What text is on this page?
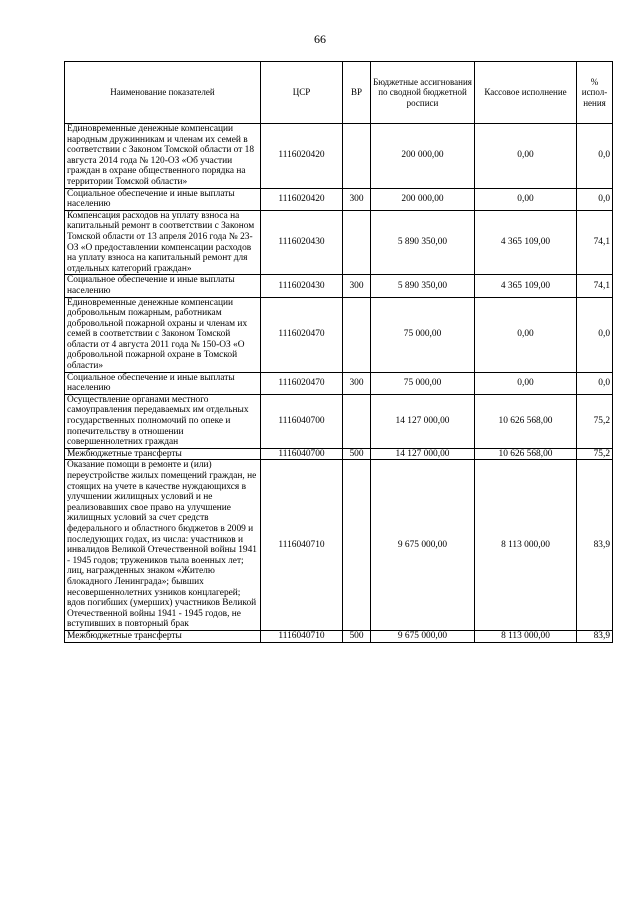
66
Наименование показателей	ЦСР	ВР	Бюджетные ассигнования по сводной бюджетной росписи	Кассовое исполнение	% испол-нения
Единовременные денежные компенсации народным дружинникам и членам их семей в соответствии с Законом Томской области от 18 августа 2014 года № 120-ОЗ «Об участии граждан в охране общественного порядка на территории Томской области»	1116020420		200 000,00	0,00	0,0
Социальное обеспечение и иные выплаты населению	1116020420	300	200 000,00	0,00	0,0
Компенсация расходов на уплату взноса на капитальный ремонт в соответствии с Законом Томской области от 13 апреля 2016 года № 23-ОЗ «О предоставлении компенсации расходов на уплату взноса на капитальный ремонт для отдельных категорий граждан»	1116020430		5 890 350,00	4 365 109,00	74,1
Социальное обеспечение и иные выплаты населению	1116020430	300	5 890 350,00	4 365 109,00	74,1
Единовременные денежные компенсации добровольным пожарным, работникам добровольной пожарной охраны и членам их семей в соответствии с Законом Томской области от 4 августа 2011 года № 150-ОЗ «О добровольной пожарной охране в Томской области»	1116020470		75 000,00	0,00	0,0
Социальное обеспечение и иные выплаты населению	1116020470	300	75 000,00	0,00	0,0
Осуществление органами местного самоуправления передаваемых им отдельных государственных полномочий по опеке и попечительству в отношении совершеннолетних граждан	1116040700		14 127 000,00	10 626 568,00	75,2
Межбюджетные трансферты	1116040700	500	14 127 000,00	10 626 568,00	75,2
Оказание помощи в ремонте и (или) переустройстве жилых помещений граждан, не стоящих на учете в качестве нуждающихся в улучшении жилищных условий и не реализовавших свое право на улучшение жилищных условий за счет средств федерального и областного бюджетов в 2009 и последующих годах, из числа: участников и инвалидов Великой Отечественной войны 1941 - 1945 годов; тружеников тыла военных лет; лиц, награжденных знаком «Жителю блокадного Ленинграда»; бывших несовершеннолетних узников концлагерей; вдов погибших (умерших) участников Великой Отечественной войны 1941 - 1945 годов, не вступивших в повторный брак	1116040710		9 675 000,00	8 113 000,00	83,9
Межбюджетные трансферты	1116040710	500	9 675 000,00	8 113 000,00	83,9
